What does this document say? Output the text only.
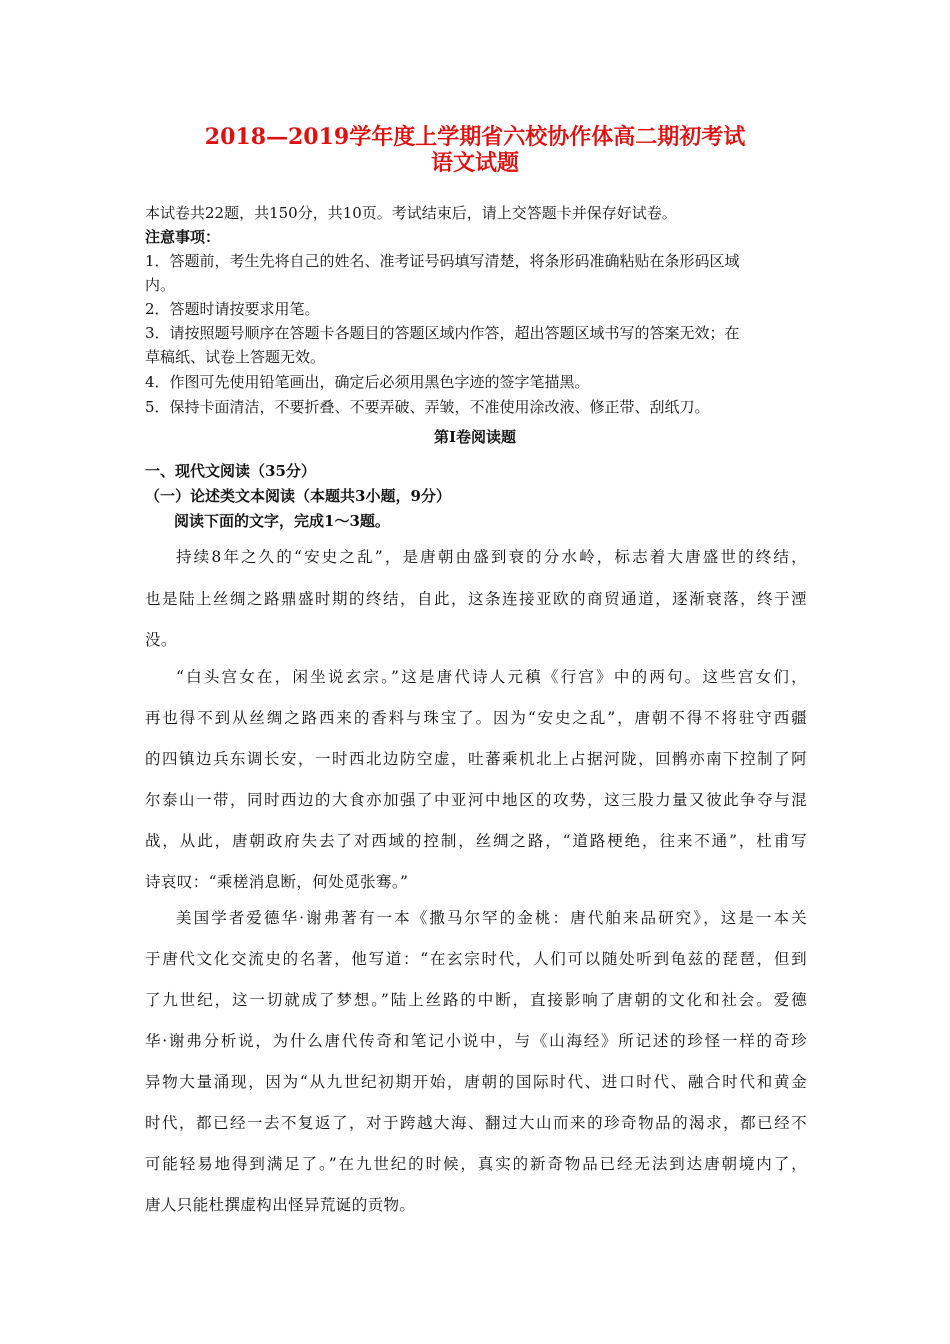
2018—2019学年度上学期省六校协作体高二期初考试
语文试题
本试卷共22题，共150分，共10页。考试结束后，请上交答题卡并保存好试卷。
注意事项：
1．答题前，考生先将自己的姓名、准考证号码填写清楚，将条形码准确粘贴在条形码区域
内。
2．答题时请按要求用笔。
3．请按照题号顺序在答题卡各题目的答题区域内作答，超出答题区域书写的答案无效；在
草稿纸、试卷上答题无效。
4．作图可先使用铅笔画出，确定后必须用黑色字迹的签字笔描黑。
5．保持卡面清洁，不要折叠、不要弄破、弄皱，不准使用涂改液、修正带、刮纸刀。
第Ⅰ卷阅读题
一、现代文阅读（35分）
（一）论述类文本阅读（本题共3小题，9分）
阅读下面的文字，完成1～3题。
持续8年之久的“安史之乱”，是唐朝由盛到衰的分水岭，标志着大唐盛世的终结，
也是陆上丝绸之路鼎盛时期的终结，自此，这条连接亚欧的商贸通道，逐渐衰落，终于湮
没。
“白头宫女在，闲坐说玄宗。”这是唐代诗人元稹《行宫》中的两句。这些宫女们，
再也得不到从丝绸之路西来的香料与珠宝了。因为“安史之乱”，唐朝不得不将驻守西疆
的四镇边兵东调长安，一时西北边防空虚，吐蕃乘机北上占据河陇，回鹘亦南下控制了阿
尔泰山一带，同时西边的大食亦加强了中亚河中地区的攻势，这三股力量又彼此争夺与混
战，从此，唐朝政府失去了对西域的控制，丝绸之路，“道路梗绝，往来不通”，杜甫写
诗哀叹：“乘槎消息断，何处觅张骞。”
美国学者爱德华·谢弗著有一本《撒马尔罕的金桃：唐代舶来品研究》，这是一本关
于唐代文化交流史的名著，他写道：“在玄宗时代，人们可以随处听到龟兹的琵琶，但到
了九世纪，这一切就成了梦想。”陆上丝路的中断，直接影响了唐朝的文化和社会。爱德
华·谢弗分析说，为什么唐代传奇和笔记小说中，与《山海经》所记述的珍怪一样的奇珍
异物大量涌现，因为“从九世纪初期开始，唐朝的国际时代、进口时代、融合时代和黄金
时代，都已经一去不复返了，对于跨越大海、翻过大山而来的珍奇物品的渴求，都已经不
可能轻易地得到满足了。”在九世纪的时候，真实的新奇物品已经无法到达唐朝境内了，
唐人只能杜撰虚构出怪异荒诞的贡物。
